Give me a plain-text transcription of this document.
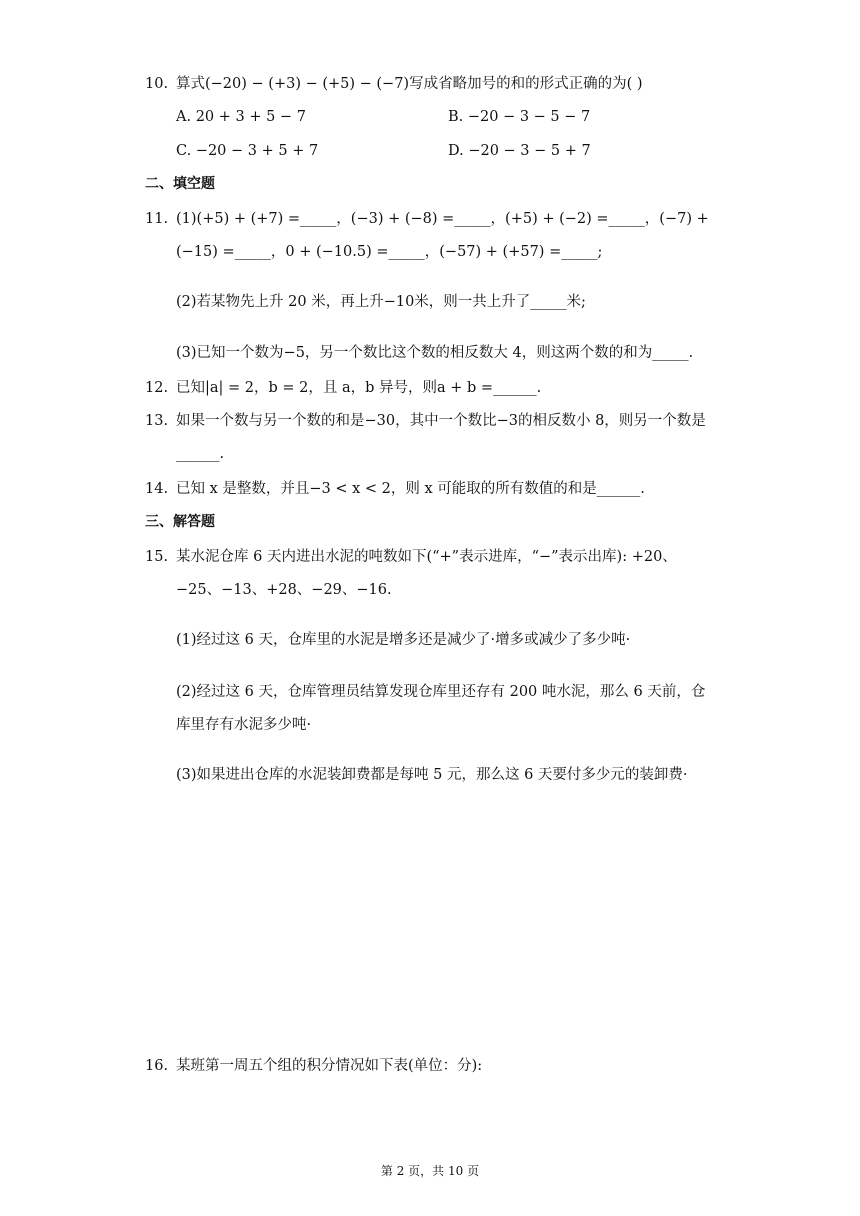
10. 算式(−20) − (+3) − (+5) − (−7)写成省略加号的和的形式正确的为( )
A. 20 + 3 + 5 − 7	B. −20 − 3 − 5 − 7
C. −20 − 3 + 5 + 7	D. −20 − 3 − 5 + 7
二、填空题
11. (1)(+5) + (+7) =_____，(−3) + (−8) =_____，(+5) + (−2) =_____，(−7) +
(−15) =_____，0 + (−10.5) =_____，(−57) + (+57) =_____;
(2)若某物先上升 20 米，再上升−10米，则一共上升了_____米;
(3)已知一个数为−5，另一个数比这个数的相反数大 4，则这两个数的和为_____.
12. 已知|a| = 2，b = 2，且 a，b 异号，则a + b =______.
13. 如果一个数与另一个数的和是−30，其中一个数比−3的相反数小 8，则另一个数是
______.
14. 已知 x 是整数，并且−3 < x < 2，则 x 可能取的所有数值的和是______.
三、解答题
15. 某水泥仓库 6 天内进出水泥的吨数如下(“+”表示进库，“−”表示出库): +20、
−25、−13、+28、−29、−16.
(1)经过这 6 天，仓库里的水泥是增多还是减少了·增多或减少了多少吨·
(2)经过这 6 天，仓库管理员结算发现仓库里还存有 200 吨水泥，那么 6 天前，仓
库里存有水泥多少吨·
(3)如果进出仓库的水泥装卸费都是每吨 5 元，那么这 6 天要付多少元的装卸费·
16. 某班第一周五个组的积分情况如下表(单位：分):
第 2 页，共 10 页
